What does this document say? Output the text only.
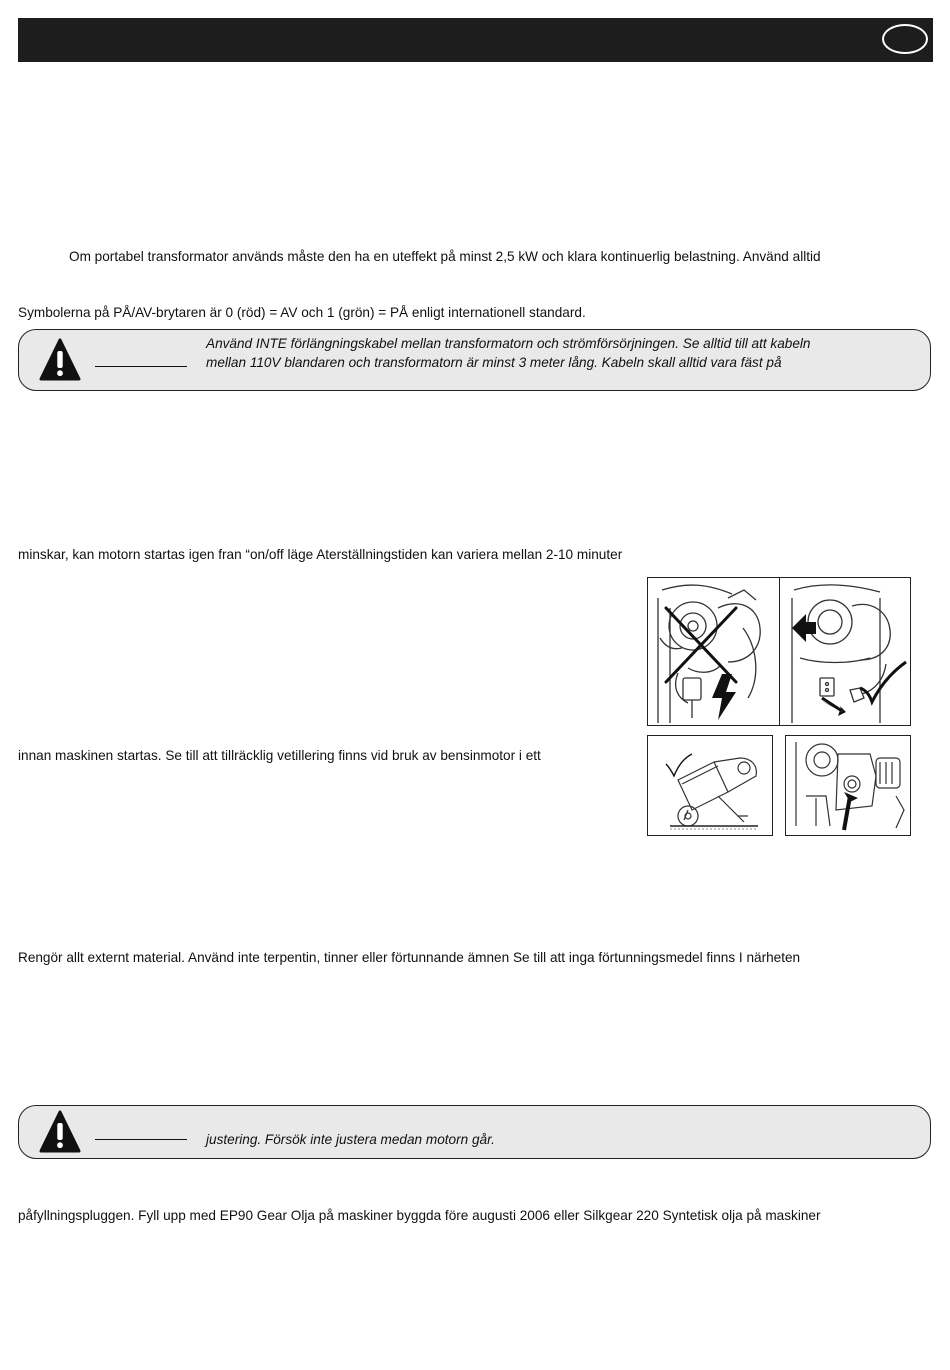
Om portabel transformator används måste den ha en uteffekt på minst 2,5 kW och klara kontinuerlig belastning. Använd alltid
Symbolerna på PÅ/AV-brytaren är 0 (röd) = AV och 1 (grön) = PÅ enligt internationell standard.
Använd INTE förlängningskabel mellan transformatorn och strömförsörjningen. Se alltid till att kabeln
mellan 110V blandaren och transformatorn är minst 3 meter lång. Kabeln skall alltid vara fäst på
minskar, kan motorn startas igen fran “on/off läge Aterställningstiden kan variera mellan 2-10 minuter
innan maskinen startas. Se till att tillräcklig vetillering finns vid bruk av bensinmotor i ett
Rengör allt externt material. Använd inte terpentin, tinner eller förtunnande ämnen Se till att inga förtunningsmedel finns I närheten
justering. Försök inte justera medan motorn går.
påfyllningspluggen. Fyll upp med EP90 Gear Olja på maskiner byggda före augusti 2006 eller Silkgear 220 Syntetisk olja på maskiner
